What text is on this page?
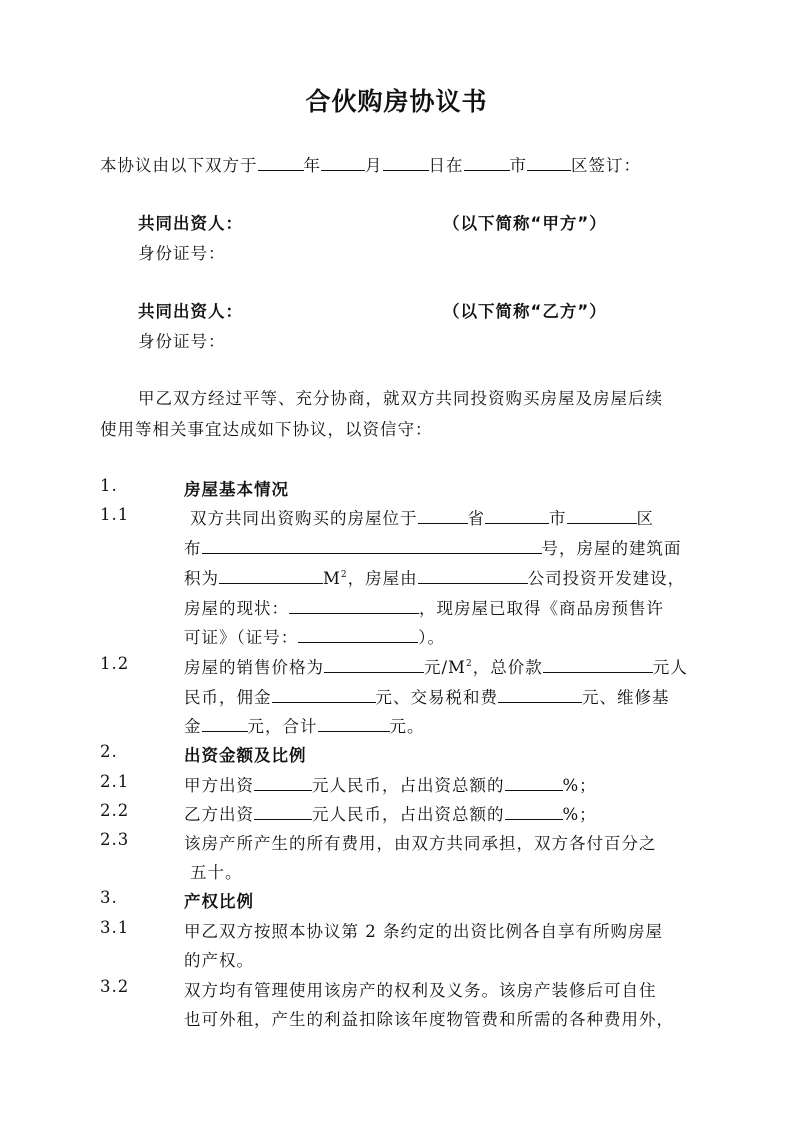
合伙购房协议书
本协议由以下双方于	年	月	日在	市	区签订：
共同出资人：	（以下简称“甲方”）
身份证号：
共同出资人：	（以下简称“乙方”）
身份证号：
甲乙双方经过平等、充分协商，就双方共同投资购买房屋及房屋后续
使用等相关事宜达成如下协议，以资信守：
1.	房屋基本情况
1.1	双方共同出资购买的房屋位于	省	市	区
布	号，房屋的建筑面
积为	$M^2$，房屋由	公司投资开发建设，
房屋的现状：	，现房屋已取得《商品房预售许
可证》（证号：	）。
1.2	房屋的销售价格为	元$/M^2$，总价款	元人
民币，佣金	元、交易税和费	元、维修基
金	元，合计	元。
2.	出资金额及比例
2.1	甲方出资	元人民币，占出资总额的	%；
2.2	乙方出资	元人民币，占出资总额的	%；
2.3	该房产所产生的所有费用，由双方共同承担，双方各付百分之
五十。
3.	产权比例
3.1	甲乙双方按照本协议第 2 条约定的出资比例各自享有所购房屋
的产权。
3.2	双方均有管理使用该房产的权利及义务。该房产装修后可自住
也可外租，产生的利益扣除该年度物管费和所需的各种费用外，
